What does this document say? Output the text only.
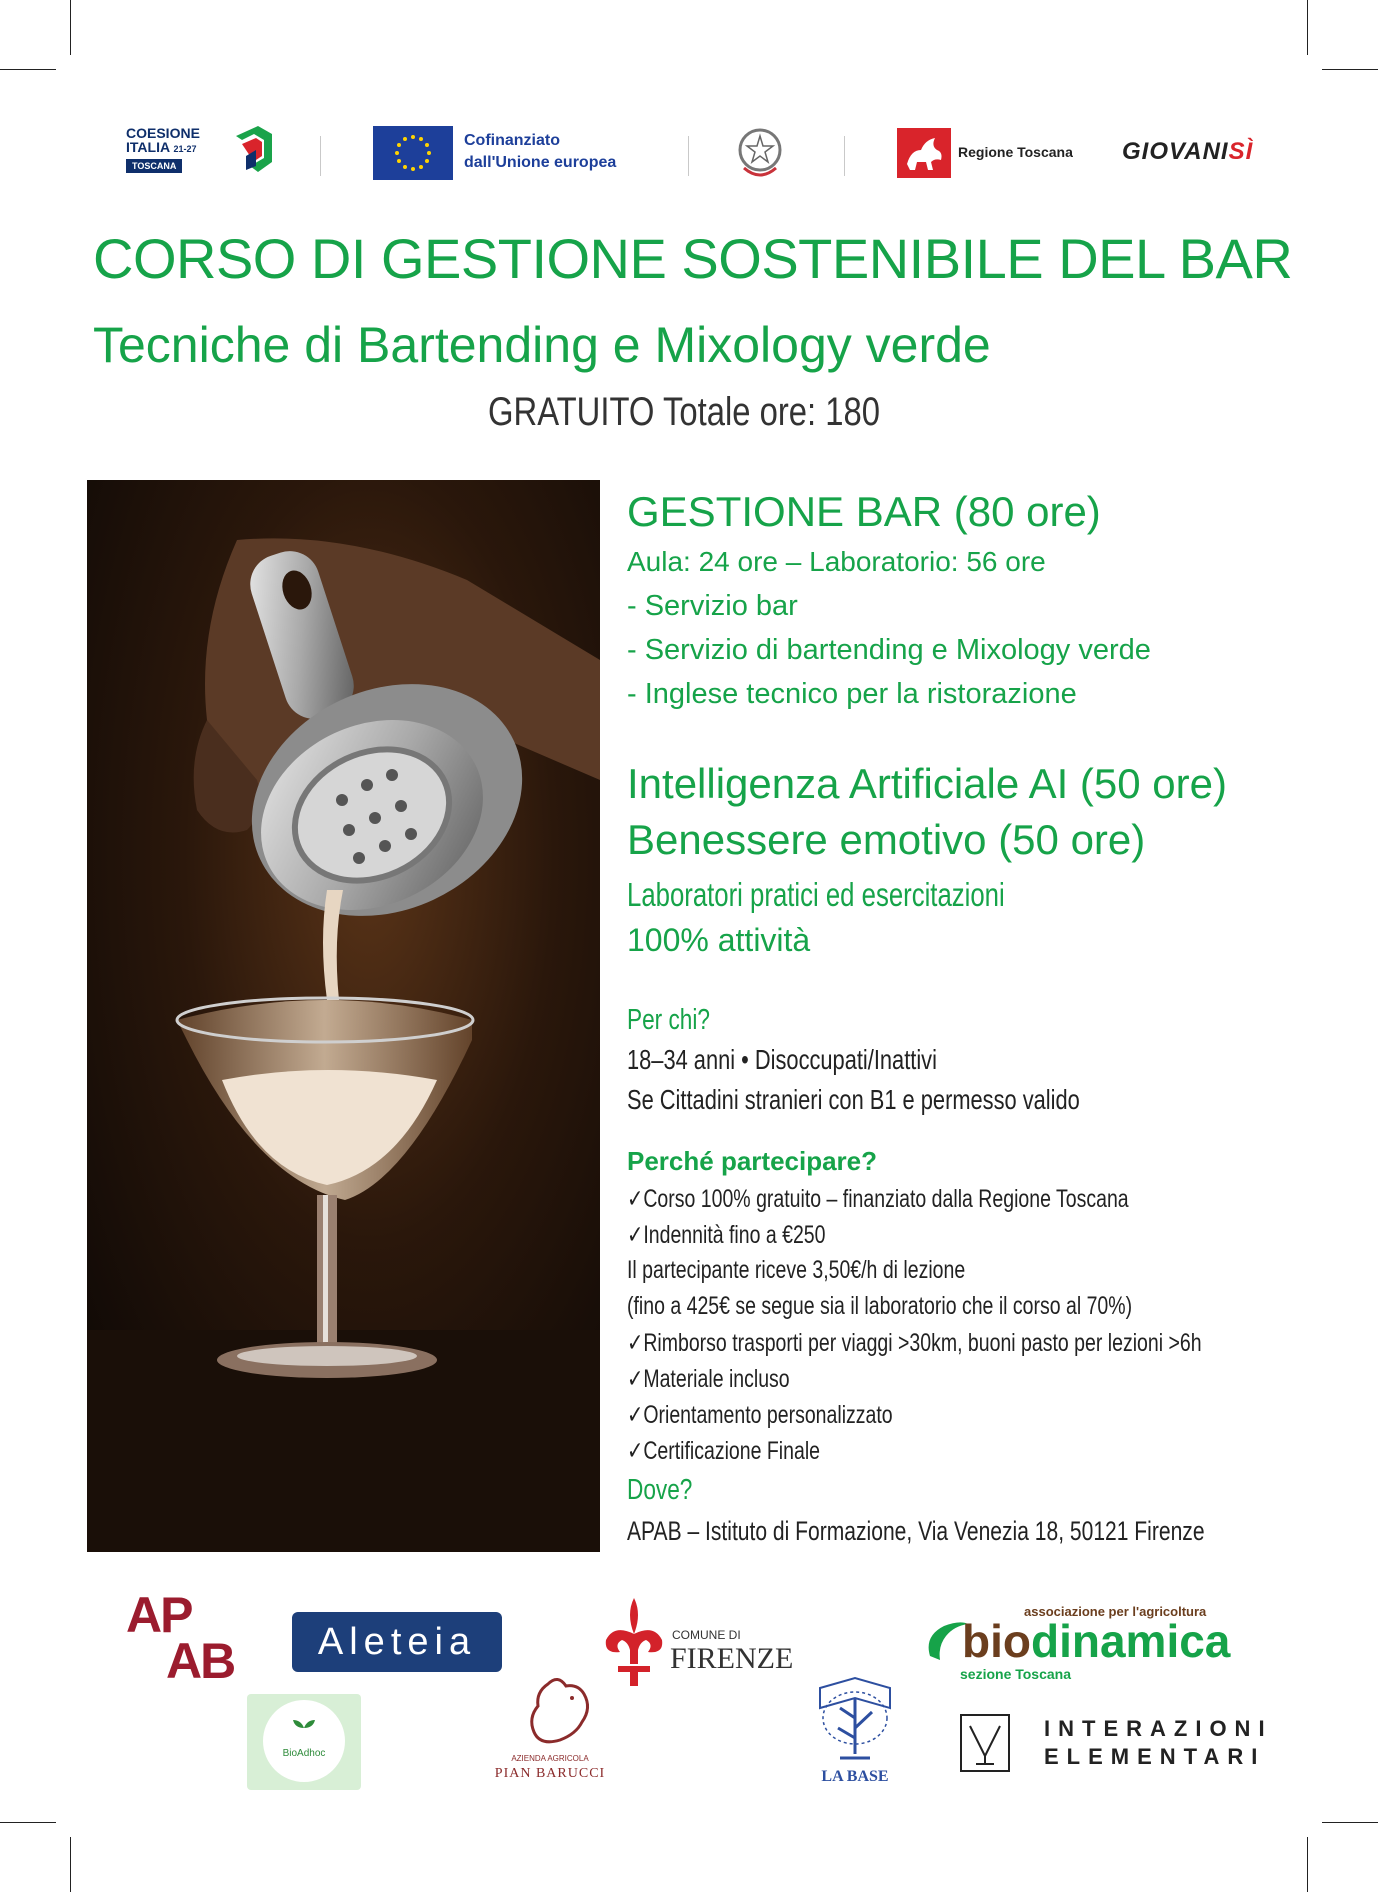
COESIONE
ITALIA 21-27
TOSCANA
Cofinanziato
dall'Unione europea
Regione Toscana GIOVANISÌ
CORSO DI GESTIONE SOSTENIBILE DEL BAR
Tecniche di Bartending e Mixology verde
GRATUITO Totale ore: 180
GESTIONE BAR (80 ore)
Aula: 24 ore – Laboratorio: 56 ore
- Servizio bar
- Servizio di bartending e Mixology verde
- Inglese tecnico per la ristorazione
Intelligenza Artificiale AI (50 ore)
Benessere emotivo (50 ore)
Laboratori pratici ed esercitazioni
100% attività
Per chi?
18–34 anni • Disoccupati/Inattivi
Se Cittadini stranieri con B1 e permesso valido
Perché partecipare?
✓Corso 100% gratuito – finanziato dalla Regione Toscana
✓Indennità fino a €250
Il partecipante riceve 3,50€/h di lezione
(fino a 425€ se segue sia il laboratorio che il corso al 70%)
✓Rimborso trasporti per viaggi >30km, buoni pasto per lezioni >6h
✓Materiale incluso
✓Orientamento personalizzato
✓Certificazione Finale
Dove?
APAB – Istituto di Formazione, Via Venezia 18, 50121 Firenze
AP
AB	Aleteia	COMUNE DI
FIRENZE
associazione per l'agricoltura
biodinamica
sezione Toscana
BioAdhoc	AZIENDA AGRICOLA
PIAN BARUCCI	LA BASE
INTERAZIONI
ELEMENTARI
